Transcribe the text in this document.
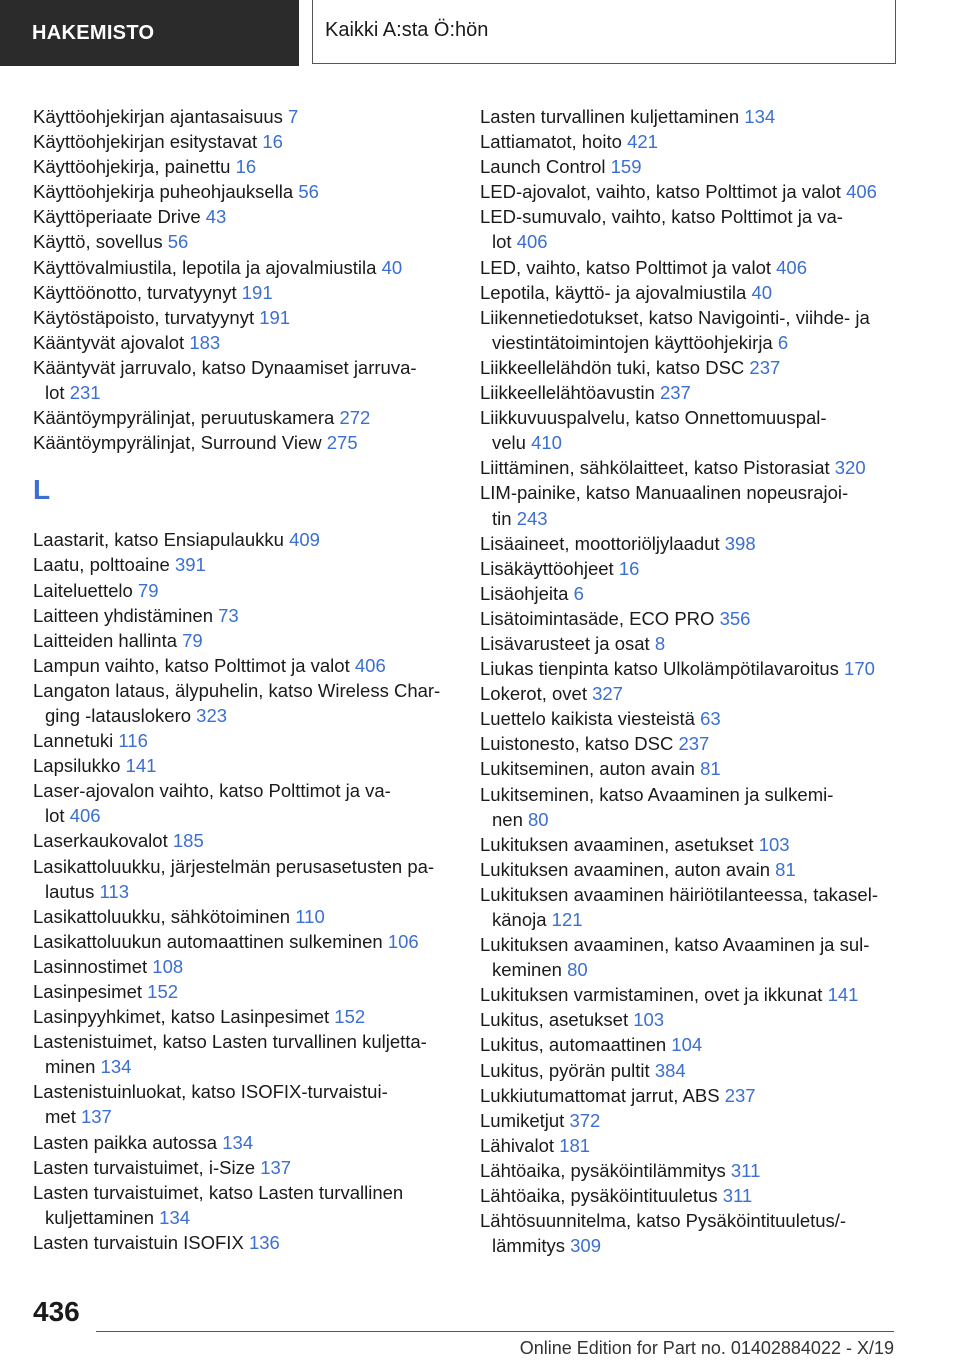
HAKEMISTO	Kaikki A:sta Ö:hön
Käyttöohjekirjan ajantasaisuus 7
Käyttöohjekirjan esitystavat 16
Käyttöohjekirja, painettu 16
Käyttöohjekirja puheohjauksella 56
Käyttöperiaate Drive 43
Käyttö, sovellus 56
Käyttövalmiustila, lepotila ja ajovalmiustila 40
Käyttöönotto, turvatyynyt 191
Käytöstäpoisto, turvatyynyt 191
Kääntyvät ajovalot 183
Kääntyvät jarruvalo, katso Dynaamiset jarruva‐
lot 231
Kääntöympyrälinjat, peruutuskamera 272
Kääntöympyrälinjat, Surround View 275
L
Laastarit, katso Ensiapulaukku 409
Laatu, polttoaine 391
Laiteluettelo 79
Laitteen yhdistäminen 73
Laitteiden hallinta 79
Lampun vaihto, katso Polttimot ja valot 406
Langaton lataus, älypuhelin, katso Wireless Char‐
ging -latauslokero 323
Lannetuki 116
Lapsilukko 141
Laser-ajovalon vaihto, katso Polttimot ja va‐
lot 406
Laserkaukovalot 185
Lasikattoluukku, järjestelmän perusasetusten pa‐
lautus 113
Lasikattoluukku, sähkötoiminen 110
Lasikattoluukun automaattinen sulkeminen 106
Lasinnostimet 108
Lasinpesimet 152
Lasinpyyhkimet, katso Lasinpesimet 152
Lastenistuimet, katso Lasten turvallinen kuljetta‐
minen 134
Lastenistuinluokat, katso ISOFIX-turvaistui‐
met 137
Lasten paikka autossa 134
Lasten turvaistuimet, i-Size 137
Lasten turvaistuimet, katso Lasten turvallinen
kuljettaminen 134
Lasten turvaistuin ISOFIX 136
Lasten turvallinen kuljettaminen 134
Lattiamatot, hoito 421
Launch Control 159
LED-ajovalot, vaihto, katso Polttimot ja valot 406
LED-sumuvalo, vaihto, katso Polttimot ja va‐
lot 406
LED, vaihto, katso Polttimot ja valot 406
Lepotila, käyttö- ja ajovalmiustila 40
Liikennetiedotukset, katso Navigointi-, viihde- ja
viestintätoimintojen käyttöohjekirja 6
Liikkeellelähdön tuki, katso DSC 237
Liikkeellelähtöavustin 237
Liikkuvuuspalvelu, katso Onnettomuuspal‐
velu 410
Liittäminen, sähkölaitteet, katso Pistorasiat 320
LIM-painike, katso Manuaalinen nopeusrajoi‐
tin 243
Lisäaineet, moottoriöljylaadut 398
Lisäkäyttöohjeet 16
Lisäohjeita 6
Lisätoimintasäde, ECO PRO 356
Lisävarusteet ja osat 8
Liukas tienpinta katso Ulkolämpötilavaroitus 170
Lokerot, ovet 327
Luettelo kaikista viesteistä 63
Luistonesto, katso DSC 237
Lukitseminen, auton avain 81
Lukitseminen, katso Avaaminen ja sulkemi‐
nen 80
Lukituksen avaaminen, asetukset 103
Lukituksen avaaminen, auton avain 81
Lukituksen avaaminen häiriötilanteessa, takasel‐
känoja 121
Lukituksen avaaminen, katso Avaaminen ja sul‐
keminen 80
Lukituksen varmistaminen, ovet ja ikkunat 141
Lukitus, asetukset 103
Lukitus, automaattinen 104
Lukitus, pyörän pultit 384
Lukkiutumattomat jarrut, ABS 237
Lumiketjut 372
Lähivalot 181
Lähtöaika, pysäköintilämmitys 311
Lähtöaika, pysäköintituuletus 311
Lähtösuunnitelma, katso Pysäköintituuletus/‐
lämmitys 309
436
Online Edition for Part no. 01402884022 - X/19
